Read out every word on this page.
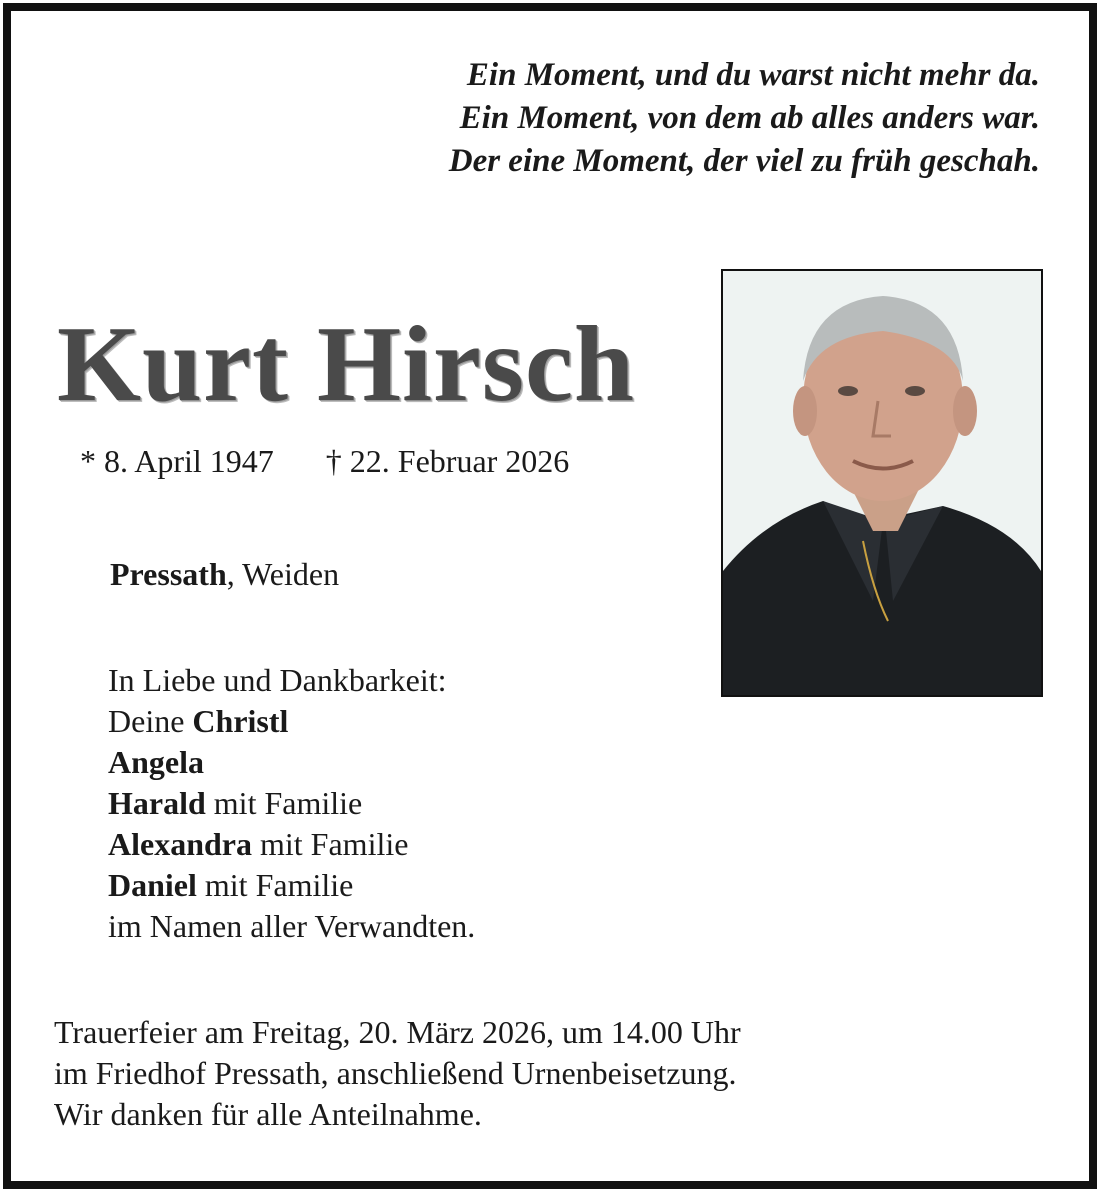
Ein Moment, und du warst nicht mehr da.
Ein Moment, von dem ab alles anders war.
Der eine Moment, der viel zu früh geschah.
Kurt Hirsch
* 8. April 1947 † 22. Februar 2026
Pressath, Weiden
In Liebe und Dankbarkeit:
Deine Christl
Angela
Harald mit Familie
Alexandra mit Familie
Daniel mit Familie
im Namen aller Verwandten.
Trauerfeier am Freitag, 20. März 2026, um 14.00 Uhr
im Friedhof Pressath, anschließend Urnenbeisetzung.
Wir danken für alle Anteilnahme.
